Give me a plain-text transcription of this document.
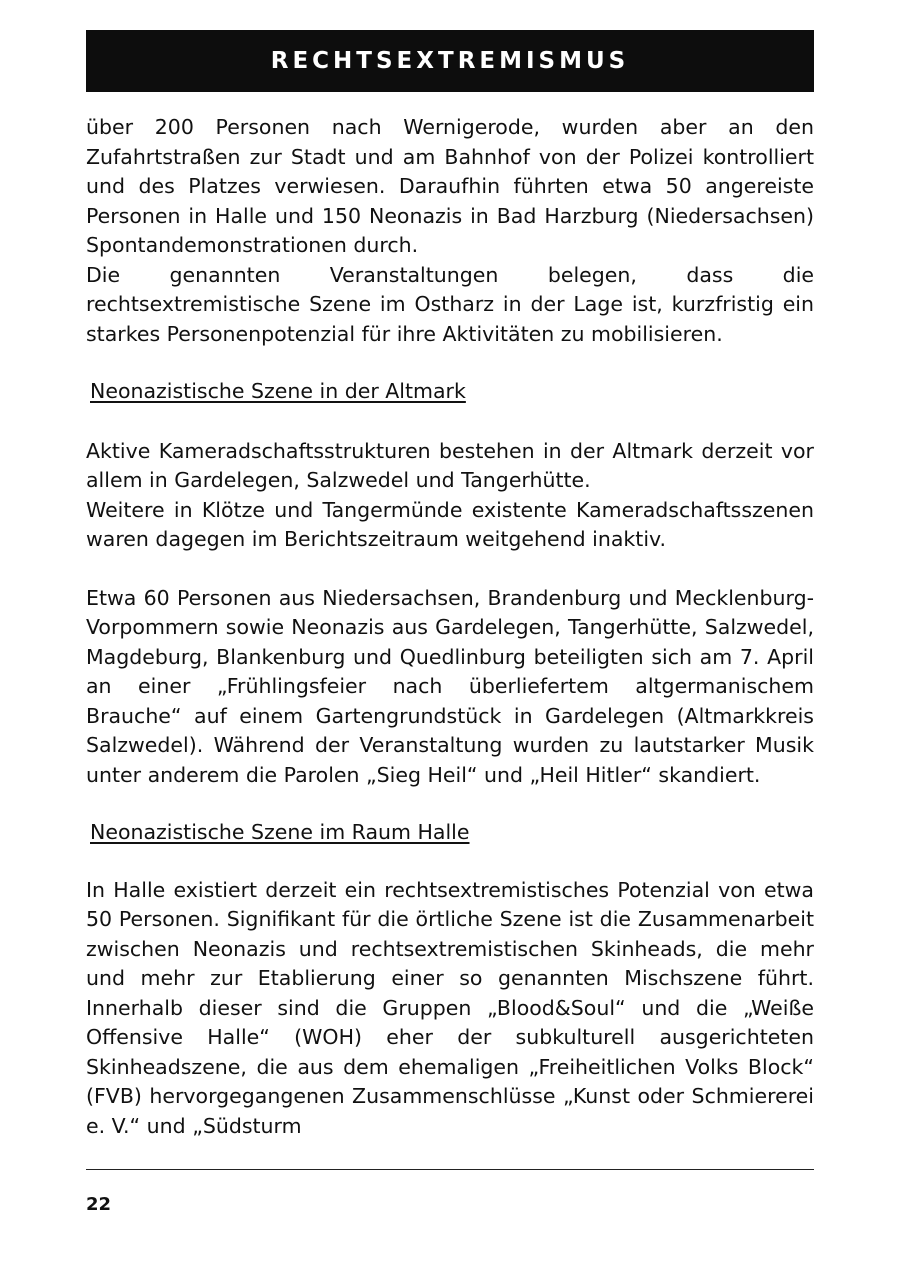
RECHTSEXTREMISMUS

über 200 Personen nach Wernigerode, wurden aber an den Zufahrtstraßen zur Stadt und am Bahnhof von der Polizei kontrolliert und des Platzes verwiesen. Daraufhin führten etwa 50 angereiste Personen in Halle und 150 Neonazis in Bad Harzburg (Niedersachsen) Spontandemonstrationen durch.

Die genannten Veranstaltungen belegen, dass die rechtsextremistische Szene im Ostharz in der Lage ist, kurzfristig ein starkes Personenpotenzial für ihre Aktivitäten zu mobilisieren.

Neonazistische Szene in der Altmark

Aktive Kameradschaftsstrukturen bestehen in der Altmark derzeit vor allem in Gardelegen, Salzwedel und Tangerhütte.

Weitere in Klötze und Tangermünde existente Kameradschaftsszenen waren dagegen im Berichtszeitraum weitgehend inaktiv.

Etwa 60 Personen aus Niedersachsen, Brandenburg und Mecklenburg-Vorpommern sowie Neonazis aus Gardelegen, Tangerhütte, Salzwedel, Magdeburg, Blankenburg und Quedlinburg beteiligten sich am 7. April an einer „Frühlingsfeier nach überliefertem altgermanischem Brauche“ auf einem Gartengrundstück in Gardelegen (Altmarkkreis Salzwedel). Während der Veranstaltung wurden zu lautstarker Musik unter anderem die Parolen „Sieg Heil“ und „Heil Hitler“ skandiert.

Neonazistische Szene im Raum Halle

In Halle existiert derzeit ein rechtsextremistisches Potenzial von etwa 50 Personen. Signifikant für die örtliche Szene ist die Zusammenarbeit zwischen Neonazis und rechtsextremistischen Skinheads, die mehr und mehr zur Etablierung einer so genannten Mischszene führt. Innerhalb dieser sind die Gruppen „Blood&Soul“ und die „Weiße Offensive Halle“ (WOH) eher der subkulturell ausgerichteten Skinheadszene, die aus dem ehemaligen „Freiheitlichen Volks Block“ (FVB) hervorgegangenen Zusammenschlüsse „Kunst oder Schmiererei e. V.“ und „Südsturm

22
